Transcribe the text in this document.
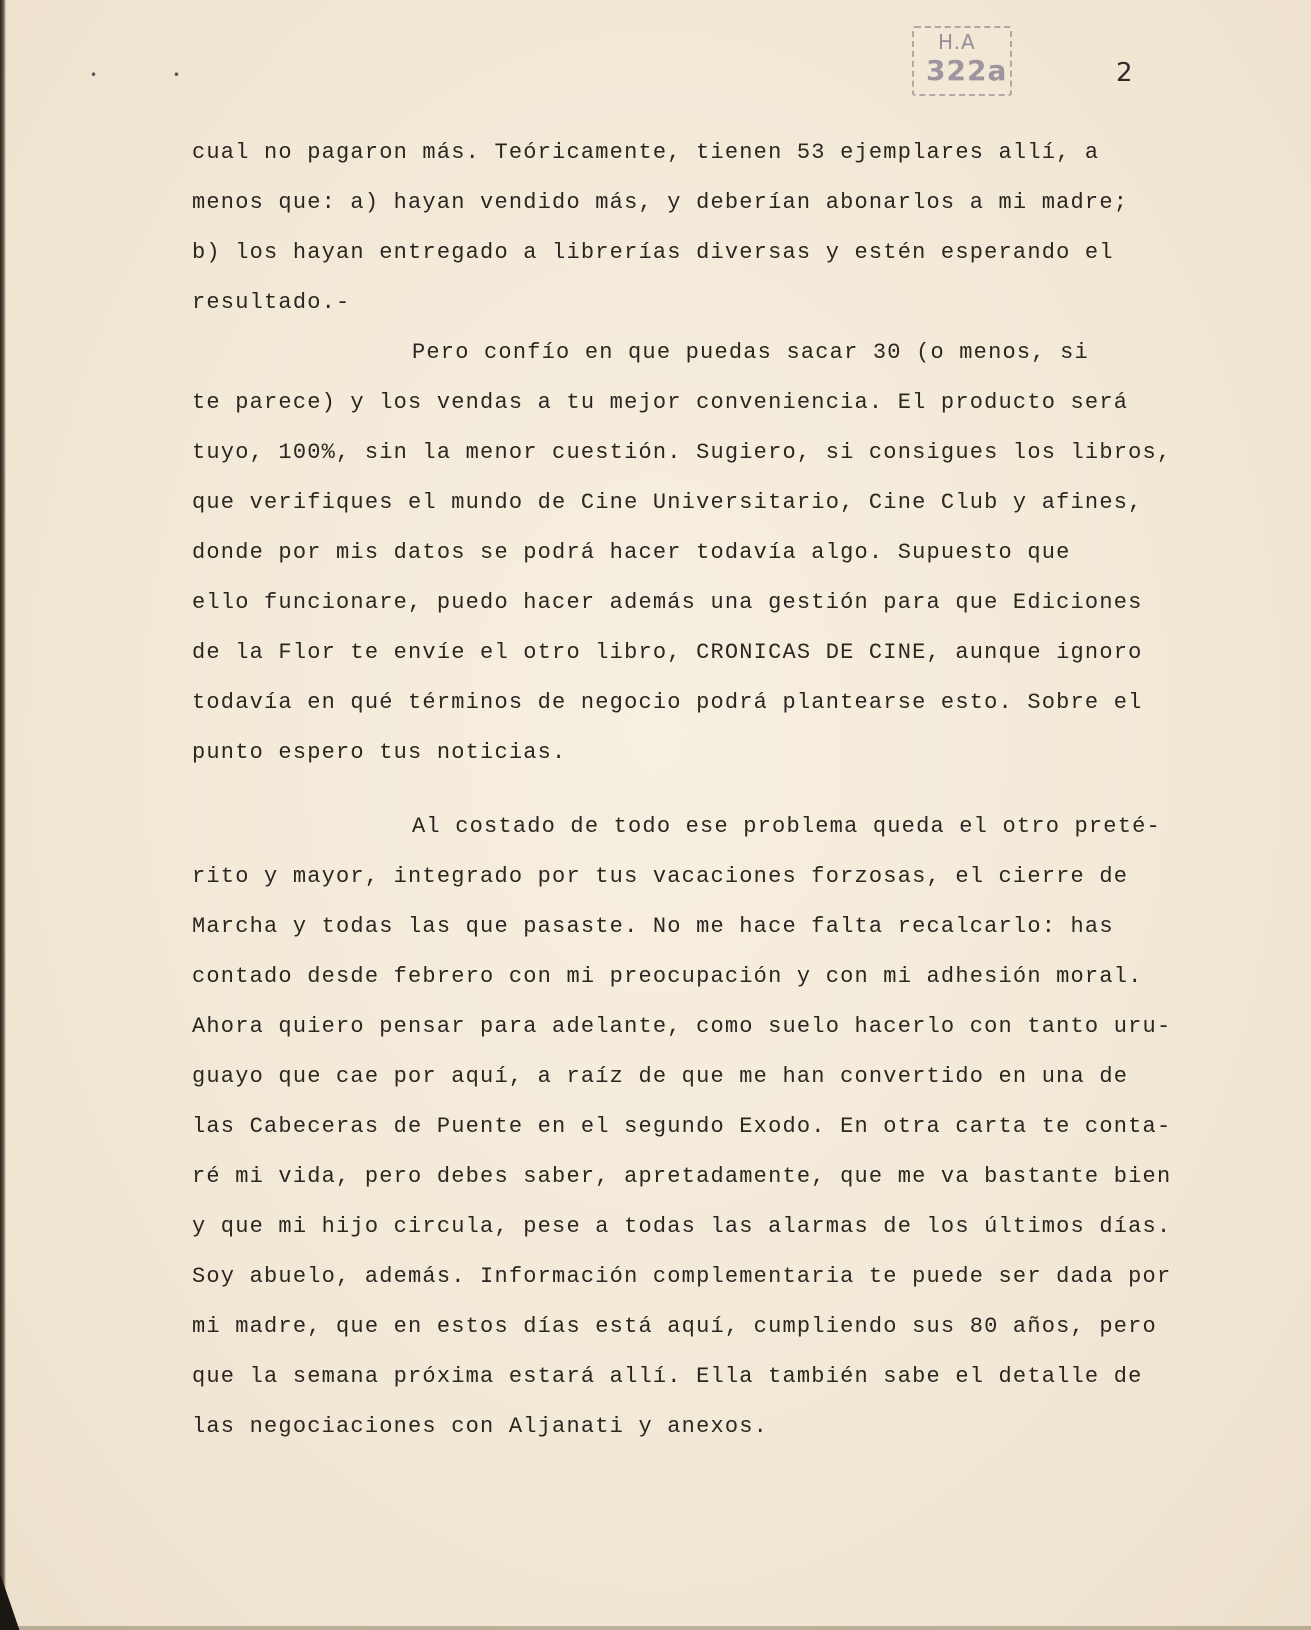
• •
H.A
322a	2
cual no pagaron más. Teóricamente, tienen 53 ejemplares allí, a
menos que: a) hayan vendido más, y deberían abonarlos a mi madre;
b) los hayan entregado a librerías diversas y estén esperando el
resultado.-
Pero confío en que puedas sacar 30 (o menos, si
te parece) y los vendas a tu mejor conveniencia. El producto será
tuyo, 100%, sin la menor cuestión. Sugiero, si consigues los libros,
que verifiques el mundo de Cine Universitario, Cine Club y afines,
donde por mis datos se podrá hacer todavía algo. Supuesto que
ello funcionare, puedo hacer además una gestión para que Ediciones
de la Flor te envíe el otro libro, CRONICAS DE CINE, aunque ignoro
todavía en qué términos de negocio podrá plantearse esto. Sobre el
punto espero tus noticias.
Al costado de todo ese problema queda el otro preté-
rito y mayor, integrado por tus vacaciones forzosas, el cierre de
Marcha y todas las que pasaste. No me hace falta recalcarlo: has
contado desde febrero con mi preocupación y con mi adhesión moral.
Ahora quiero pensar para adelante, como suelo hacerlo con tanto uru-
guayo que cae por aquí, a raíz de que me han convertido en una de
las Cabeceras de Puente en el segundo Exodo. En otra carta te conta-
ré mi vida, pero debes saber, apretadamente, que me va bastante bien
y que mi hijo circula, pese a todas las alarmas de los últimos días.
Soy abuelo, además. Información complementaria te puede ser dada por
mi madre, que en estos días está aquí, cumpliendo sus 80 años, pero
que la semana próxima estará allí. Ella también sabe el detalle de
las negociaciones con Aljanati y anexos.
